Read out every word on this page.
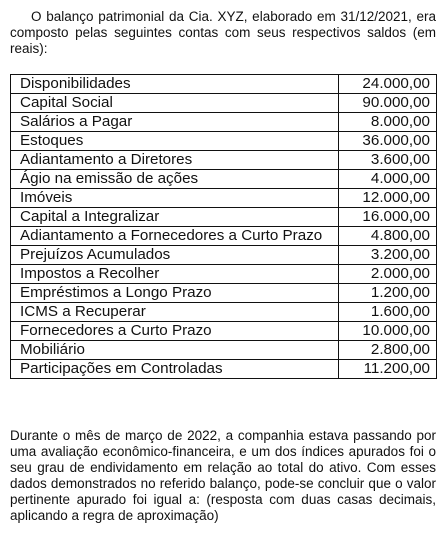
O balanço patrimonial da Cia. XYZ, elaborado em 31/12/2021, era composto pelas seguintes contas com seus respectivos saldos (em reais):

Disponibilidades	24.000,00
Capital Social	90.000,00
Salários a Pagar	8.000,00
Estoques	36.000,00
Adiantamento a Diretores	3.600,00
Ágio na emissão de ações	4.000,00
Imóveis	12.000,00
Capital a Integralizar	16.000,00
Adiantamento a Fornecedores a Curto Prazo	4.800,00
Prejuízos Acumulados	3.200,00
Impostos a Recolher	2.000,00
Empréstimos a Longo Prazo	1.200,00
ICMS a Recuperar	1.600,00
Fornecedores a Curto Prazo	10.000,00
Mobiliário	2.800,00
Participações em Controladas	11.200,00

Durante o mês de março de 2022, a companhia estava passando por uma avaliação econômico-financeira, e um dos índices apurados foi o seu grau de endividamento em relação ao total do ativo. Com esses dados demonstrados no referido balanço, pode-se concluir que o valor pertinente apurado foi igual a: (resposta com duas casas decimais, aplicando a regra de aproximação)
